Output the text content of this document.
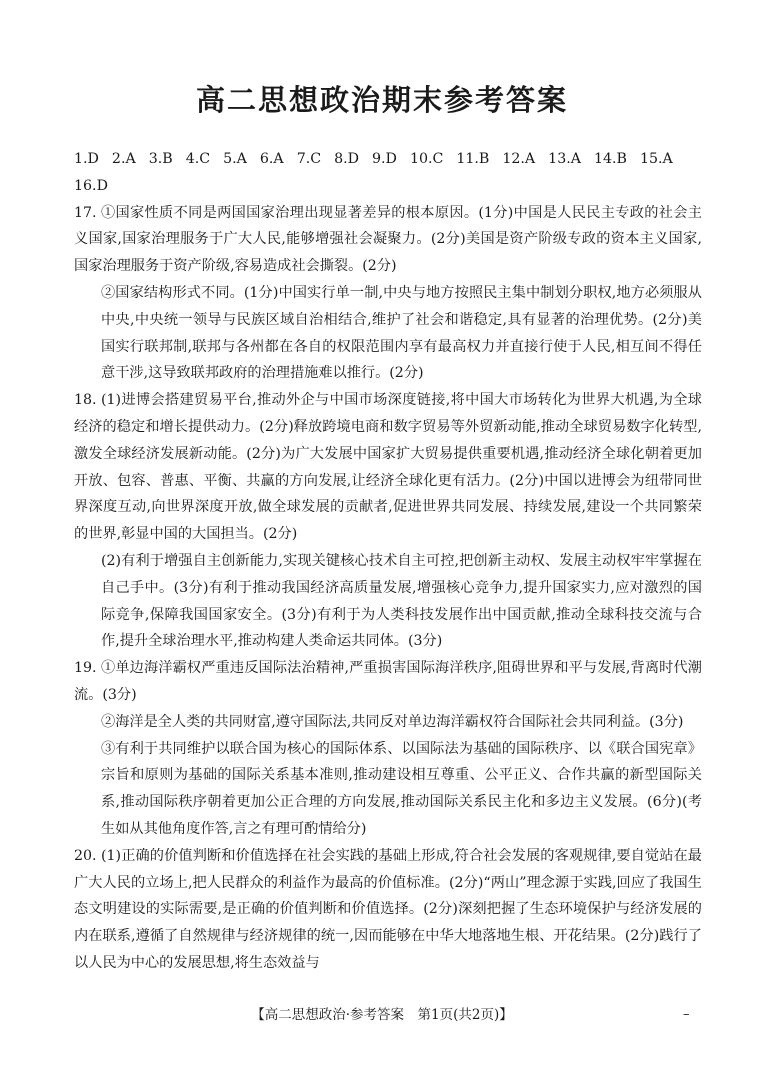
高二思想政治期末参考答案

1.D 2.A 3.B 4.C 5.A 6.A 7.C 8.D 9.D 10.C 11.B 12.A 13.A 14.B 15.A16.D

17. ①国家性质不同是两国国家治理出现显著差异的根本原因。(1分)中国是人民民主专政的社会主义国家,国家治理服务于广大人民,能够增强社会凝聚力。(2分)美国是资产阶级专政的资本主义国家,国家治理服务于资产阶级,容易造成社会撕裂。(2分)

②国家结构形式不同。(1分)中国实行单一制,中央与地方按照民主集中制划分职权,地方必须服从中央,中央统一领导与民族区域自治相结合,维护了社会和谐稳定,具有显著的治理优势。(2分)美国实行联邦制,联邦与各州都在各自的权限范围内享有最高权力并直接行使于人民,相互间不得任意干涉,这导致联邦政府的治理措施难以推行。(2分)

18. (1)进博会搭建贸易平台,推动外企与中国市场深度链接,将中国大市场转化为世界大机遇,为全球经济的稳定和增长提供动力。(2分)释放跨境电商和数字贸易等外贸新动能,推动全球贸易数字化转型,激发全球经济发展新动能。(2分)为广大发展中国家扩大贸易提供重要机遇,推动经济全球化朝着更加开放、包容、普惠、平衡、共赢的方向发展,让经济全球化更有活力。(2分)中国以进博会为纽带同世界深度互动,向世界深度开放,做全球发展的贡献者,促进世界共同发展、持续发展,建设一个共同繁荣的世界,彰显中国的大国担当。(2分)

(2)有利于增强自主创新能力,实现关键核心技术自主可控,把创新主动权、发展主动权牢牢掌握在自己手中。(3分)有利于推动我国经济高质量发展,增强核心竞争力,提升国家实力,应对激烈的国际竞争,保障我国国家安全。(3分)有利于为人类科技发展作出中国贡献,推动全球科技交流与合作,提升全球治理水平,推动构建人类命运共同体。(3分)

19. ①单边海洋霸权严重违反国际法治精神,严重损害国际海洋秩序,阻碍世界和平与发展,背离时代潮流。(3分)

②海洋是全人类的共同财富,遵守国际法,共同反对单边海洋霸权符合国际社会共同利益。(3分)

③有利于共同维护以联合国为核心的国际体系、以国际法为基础的国际秩序、以《联合国宪章》宗旨和原则为基础的国际关系基本准则,推动建设相互尊重、公平正义、合作共赢的新型国际关系,推动国际秩序朝着更加公正合理的方向发展,推动国际关系民主化和多边主义发展。(6分)(考生如从其他角度作答,言之有理可酌情给分)

20. (1)正确的价值判断和价值选择在社会实践的基础上形成,符合社会发展的客观规律,要自觉站在最广大人民的立场上,把人民群众的利益作为最高的价值标准。(2分)“两山”理念源于实践,回应了我国生态文明建设的实际需要,是正确的价值判断和价值选择。(2分)深刻把握了生态环境保护与经济发展的内在联系,遵循了自然规律与经济规律的统一,因而能够在中华大地落地生根、开花结果。(2分)践行了以人民为中心的发展思想,将生态效益与

【高二思想政治·参考答案　第1页(共2页)】	–
